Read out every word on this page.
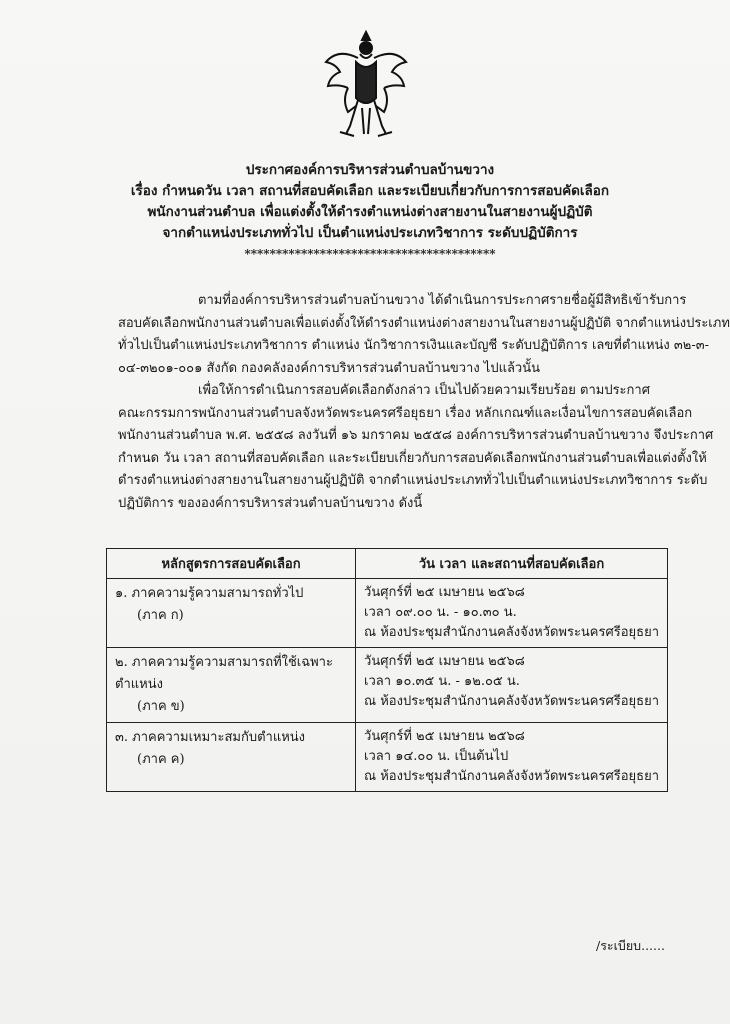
ประกาศองค์การบริหารส่วนตำบลบ้านขวาง
เรื่อง กำหนดวัน เวลา สถานที่สอบคัดเลือก และระเบียบเกี่ยวกับการการสอบคัดเลือก
พนักงานส่วนตำบล เพื่อแต่งตั้งให้ดำรงตำแหน่งต่างสายงานในสายงานผู้ปฏิบัติ
จากตำแหน่งประเภททั่วไป เป็นตำแหน่งประเภทวิชาการ ระดับปฏิบัติการ
****************************************
ตามที่องค์การบริหารส่วนตำบลบ้านขวาง ได้ดำเนินการประกาศรายชื่อผู้มีสิทธิเข้ารับการ
สอบคัดเลือกพนักงานส่วนตำบลเพื่อแต่งตั้งให้ดำรงตำแหน่งต่างสายงานในสายงานผู้ปฏิบัติ จากตำแหน่งประเภท
ทั่วไปเป็นตำแหน่งประเภทวิชาการ ตำแหน่ง นักวิชาการเงินและบัญชี ระดับปฏิบัติการ เลขที่ตำแหน่ง ๓๒-๓-
๐๔-๓๒๐๑-๐๐๑ สังกัด กองคลังองค์การบริหารส่วนตำบลบ้านขวาง ไปแล้วนั้น
เพื่อให้การดำเนินการสอบคัดเลือกดังกล่าว เป็นไปด้วยความเรียบร้อย ตามประกาศ
คณะกรรมการพนักงานส่วนตำบลจังหวัดพระนครศรีอยุธยา เรื่อง หลักเกณฑ์และเงื่อนไขการสอบคัดเลือก
พนักงานส่วนตำบล พ.ศ. ๒๕๕๘ ลงวันที่ ๑๖ มกราคม ๒๕๕๘ องค์การบริหารส่วนตำบลบ้านขวาง จึงประกาศ
กำหนด วัน เวลา สถานที่สอบคัดเลือก และระเบียบเกี่ยวกับการสอบคัดเลือกพนักงานส่วนตำบลเพื่อแต่งตั้งให้
ดำรงตำแหน่งต่างสายงานในสายงานผู้ปฏิบัติ จากตำแหน่งประเภททั่วไปเป็นตำแหน่งประเภทวิชาการ ระดับ
ปฏิบัติการ ขององค์การบริหารส่วนตำบลบ้านขวาง ดังนี้
หลักสูตรการสอบคัดเลือก	วัน เวลา และสถานที่สอบคัดเลือก
๑. ภาคความรู้ความสามารถทั่วไป
(ภาค ก)	วันศุกร์ที่ ๒๕ เมษายน ๒๕๖๘
เวลา ๐๙.๐๐ น. - ๑๐.๓๐ น.
ณ ห้องประชุมสำนักงานคลังจังหวัดพระนครศรีอยุธยา

๒. ภาคความรู้ความสามารถที่ใช้เฉพาะตำแหน่ง
(ภาค ข)	วันศุกร์ที่ ๒๕ เมษายน ๒๕๖๘
เวลา ๑๐.๓๕ น. - ๑๒.๐๕ น.
ณ ห้องประชุมสำนักงานคลังจังหวัดพระนครศรีอยุธยา

๓. ภาคความเหมาะสมกับตำแหน่ง
(ภาค ค)	วันศุกร์ที่ ๒๕ เมษายน ๒๕๖๘
เวลา ๑๔.๐๐ น. เป็นต้นไป
ณ ห้องประชุมสำนักงานคลังจังหวัดพระนครศรีอยุธยา
/ระเบียบ......
